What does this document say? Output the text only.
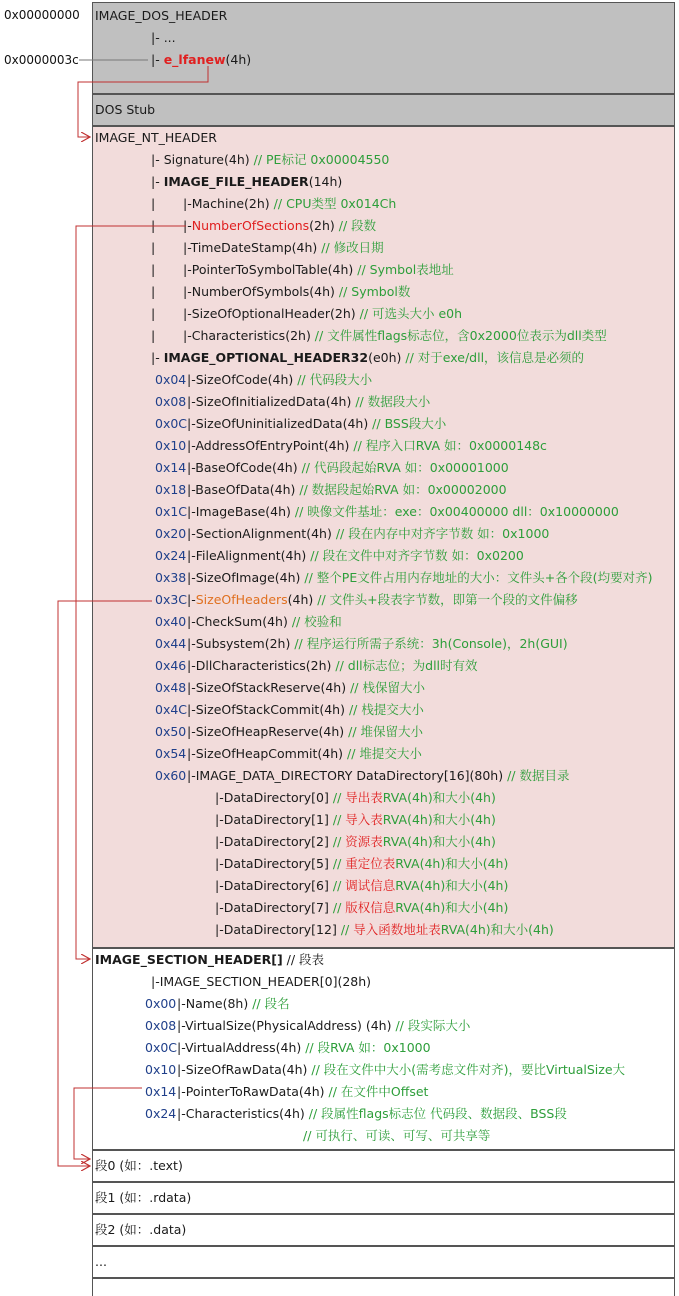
0x00000000
0x0000003c
IMAGE_DOS_HEADER
|- ...
|- e_lfanew(4h)
DOS Stub
IMAGE_NT_HEADER
|- Signature(4h) // PE标记 0x00004550
|- IMAGE_FILE_HEADER(14h)
| |-Machine(2h) // CPU类型 0x014Ch
| |-NumberOfSections(2h) // 段数
| |-TimeDateStamp(4h) // 修改日期
| |-PointerToSymbolTable(4h) // Symbol表地址
| |-NumberOfSymbols(4h) // Symbol数
| |-SizeOfOptionalHeader(2h) // 可选头大小 e0h
| |-Characteristics(2h) // 文件属性flags标志位，含0x2000位表示为dll类型
|- IMAGE_OPTIONAL_HEADER32(e0h) // 对于exe/dll，该信息是必须的
0x04 |-SizeOfCode(4h) // 代码段大小
0x08 |-SizeOfInitializedData(4h) // 数据段大小
0x0C |-SizeOfUninitializedData(4h) // BSS段大小
0x10 |-AddressOfEntryPoint(4h) // 程序入口RVA 如：0x0000148c
0x14 |-BaseOfCode(4h) // 代码段起始RVA 如：0x00001000
0x18 |-BaseOfData(4h) // 数据段起始RVA 如：0x00002000
0x1C |-ImageBase(4h) // 映像文件基址：exe：0x00400000 dll：0x10000000
0x20 |-SectionAlignment(4h) // 段在内存中对齐字节数 如：0x1000
0x24 |-FileAlignment(4h) // 段在文件中对齐字节数 如：0x0200
0x38 |-SizeOfImage(4h) // 整个PE文件占用内存地址的大小：文件头+各个段(均要对齐)
0x3C |-SizeOfHeaders(4h) // 文件头+段表字节数，即第一个段的文件偏移
0x40 |-CheckSum(4h) // 校验和
0x44 |-Subsystem(2h) // 程序运行所需子系统：3h(Console)，2h(GUI)
0x46 |-DllCharacteristics(2h) // dll标志位；为dll时有效
0x48 |-SizeOfStackReserve(4h) // 栈保留大小
0x4C |-SizeOfStackCommit(4h) // 栈提交大小
0x50 |-SizeOfHeapReserve(4h) // 堆保留大小
0x54 |-SizeOfHeapCommit(4h) // 堆提交大小
0x60 |-IMAGE_DATA_DIRECTORY DataDirectory[16](80h) // 数据目录
|-DataDirectory[0] // 导出表RVA(4h)和大小(4h)
|-DataDirectory[1] // 导入表RVA(4h)和大小(4h)
|-DataDirectory[2] // 资源表RVA(4h)和大小(4h)
|-DataDirectory[5] // 重定位表RVA(4h)和大小(4h)
|-DataDirectory[6] // 调试信息RVA(4h)和大小(4h)
|-DataDirectory[7] // 版权信息RVA(4h)和大小(4h)
|-DataDirectory[12] // 导入函数地址表RVA(4h)和大小(4h)
IMAGE_SECTION_HEADER[] // 段表
|-IMAGE_SECTION_HEADER[0](28h)
0x00 |-Name(8h) // 段名
0x08 |-VirtualSize(PhysicalAddress) (4h) // 段实际大小
0x0C |-VirtualAddress(4h) // 段RVA 如：0x1000
0x10 |-SizeOfRawData(4h) // 段在文件中大小(需考虑文件对齐)，要比VirtualSize大
0x14 |-PointerToRawData(4h) // 在文件中Offset
0x24 |-Characteristics(4h) // 段属性flags标志位 代码段、数据段、BSS段
// 可执行、可读、可写、可共享等
段0 (如：.text)
段1 (如：.rdata)
段2 (如：.data)
...
